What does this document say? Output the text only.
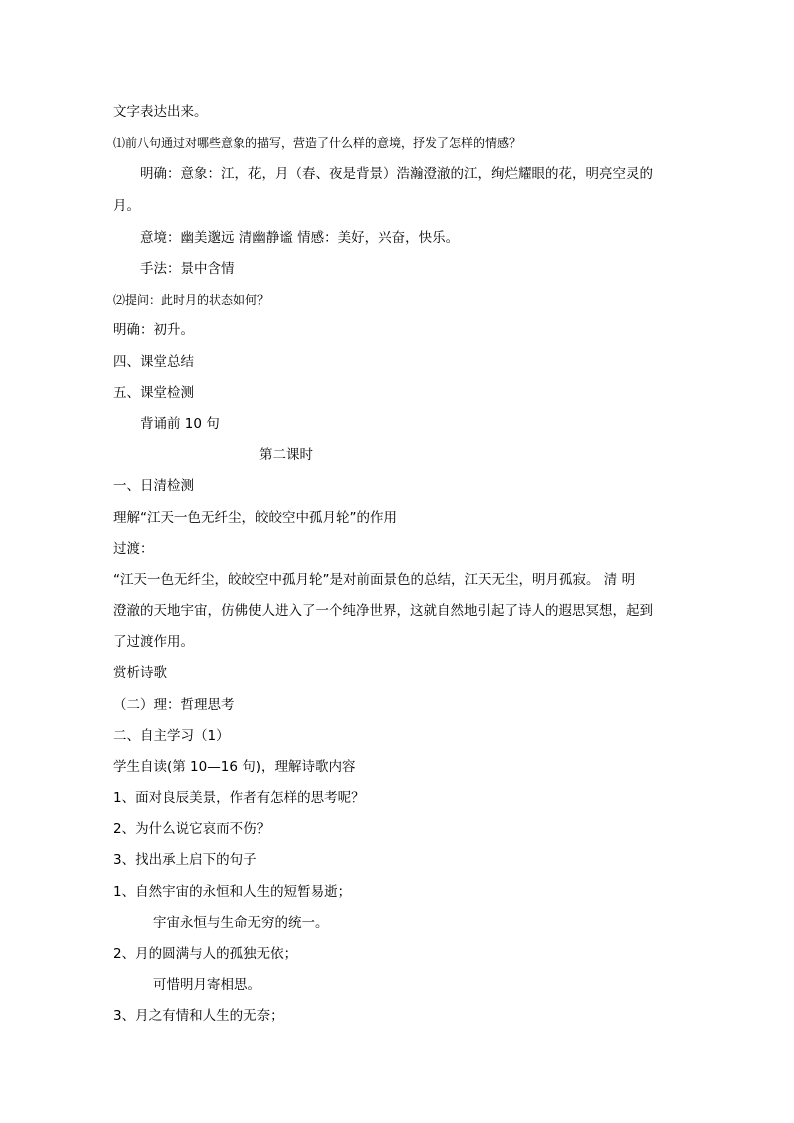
文字表达出来。
⑴前八句通过对哪些意象的描写，营造了什么样的意境，抒发了怎样的情感？
明确：意象：江，花，月（春、夜是背景）浩瀚澄澈的江，绚烂耀眼的花，明亮空灵的
月。
意境：幽美邈远 清幽静谧 情感：美好，兴奋，快乐。
手法：景中含情
⑵提问：此时月的状态如何？
明确：初升。
四、课堂总结
五、课堂检测
背诵前 10 句
第二课时
一、日清检测
理解“江天一色无纤尘，皎皎空中孤月轮”的作用
过渡：
“江天一色无纤尘，皎皎空中孤月轮”是对前面景色的总结，江天无尘，明月孤寂。 清 明
澄澈的天地宇宙，仿佛使人进入了一个纯净世界，这就自然地引起了诗人的遐思冥想，起到
了过渡作用。
赏析诗歌
（二）理：哲理思考
二、自主学习（1）
学生自读(第 10—16 句)，理解诗歌内容
1、面对良辰美景，作者有怎样的思考呢？
2、为什么说它哀而不伤？
3、找出承上启下的句子
1、自然宇宙的永恒和人生的短暂易逝；
宇宙永恒与生命无穷的统一。
2、月的圆满与人的孤独无依；
可惜明月寄相思。
3、月之有情和人生的无奈；
